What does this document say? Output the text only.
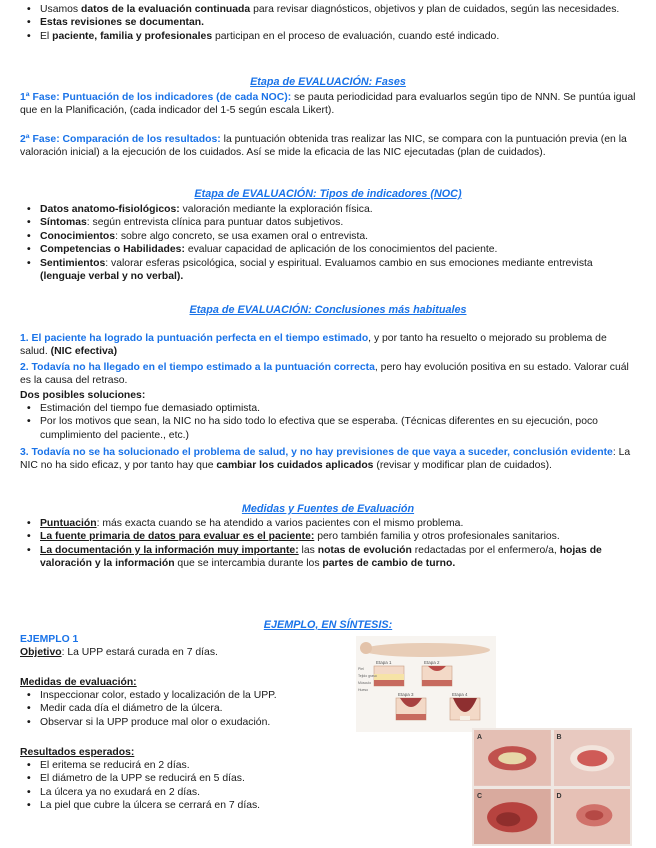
• Usamos datos de la evaluación continuada para revisar diagnósticos, objetivos y plan de cuidados, según las necesidades.
• Estas revisiones se documentan.
• El paciente, familia y profesionales participan en el proceso de evaluación, cuando esté indicado.
Etapa de EVALUACIÓN: Fases
1ª Fase: Puntuación de los indicadores (de cada NOC): se pauta periodicidad para evaluarlos según tipo de NNN. Se puntúa igual que en la Planificación, (cada indicador del 1-5 según escala Likert).
2ª Fase: Comparación de los resultados: la puntuación obtenida tras realizar las NIC, se compara con la puntuación previa (en la valoración inicial) a la ejecución de los cuidados. Así se mide la eficacia de las NIC ejecutadas (plan de cuidados).
Etapa de EVALUACIÓN: Tipos de indicadores (NOC)
• Datos anatomo-fisiológicos: valoración mediante la exploración física.
• Síntomas: según entrevista clínica para puntuar datos subjetivos.
• Conocimientos: sobre algo concreto, se usa examen oral o entrevista.
• Competencias o Habilidades: evaluar capacidad de aplicación de los conocimientos del paciente.
• Sentimientos: valorar esferas psicológica, social y espiritual. Evaluamos cambio en sus emociones mediante entrevista (lenguaje verbal y no verbal).
Etapa de EVALUACIÓN: Conclusiones más habituales
1. El paciente ha logrado la puntuación perfecta en el tiempo estimado, y por tanto ha resuelto o mejorado su problema de salud. (NIC efectiva)
2. Todavía no ha llegado en el tiempo estimado a la puntuación correcta, pero hay evolución positiva en su estado. Valorar cuál es la causa del retraso.
Dos posibles soluciones:
• Estimación del tiempo fue demasiado optimista.
• Por los motivos que sean, la NIC no ha sido todo lo efectiva que se esperaba. (Técnicas diferentes en su ejecución, poco cumplimiento del paciente., etc.)
3. Todavía no se ha solucionado el problema de salud, y no hay previsiones de que vaya a suceder, conclusión evidente: La NIC no ha sido eficaz, y por tanto hay que cambiar los cuidados aplicados (revisar y modificar plan de cuidados).
Medidas y Fuentes de Evaluación
• Puntuación: más exacta cuando se ha atendido a varios pacientes con el mismo problema.
• La fuente primaria de datos para evaluar es el paciente: pero también familia y otros profesionales sanitarios.
• La documentación y la información muy importante: las notas de evolución redactadas por el enfermero/a, hojas de valoración y la información que se intercambia durante los partes de cambio de turno.
EJEMPLO, EN SÍNTESIS:
EJEMPLO 1
Objetivo: La UPP estará curada en 7 días.
Medidas de evaluación:
• Inspeccionar color, estado y localización de la UPP.
• Medir cada día el diámetro de la úlcera.
• Observar si la UPP produce mal olor o exudación.
Resultados esperados:
• El eritema se reducirá en 2 días.
• El diámetro de la UPP se reducirá en 5 días.
• La úlcera ya no exudará en 2 días.
• La piel que cubre la úlcera se cerrará en 7 días.
Etapa 1	Etapa 2
Etapa 3	Etapa 4
Piel
Tejido graso
Músculo
Hueso
A	B
C	D
